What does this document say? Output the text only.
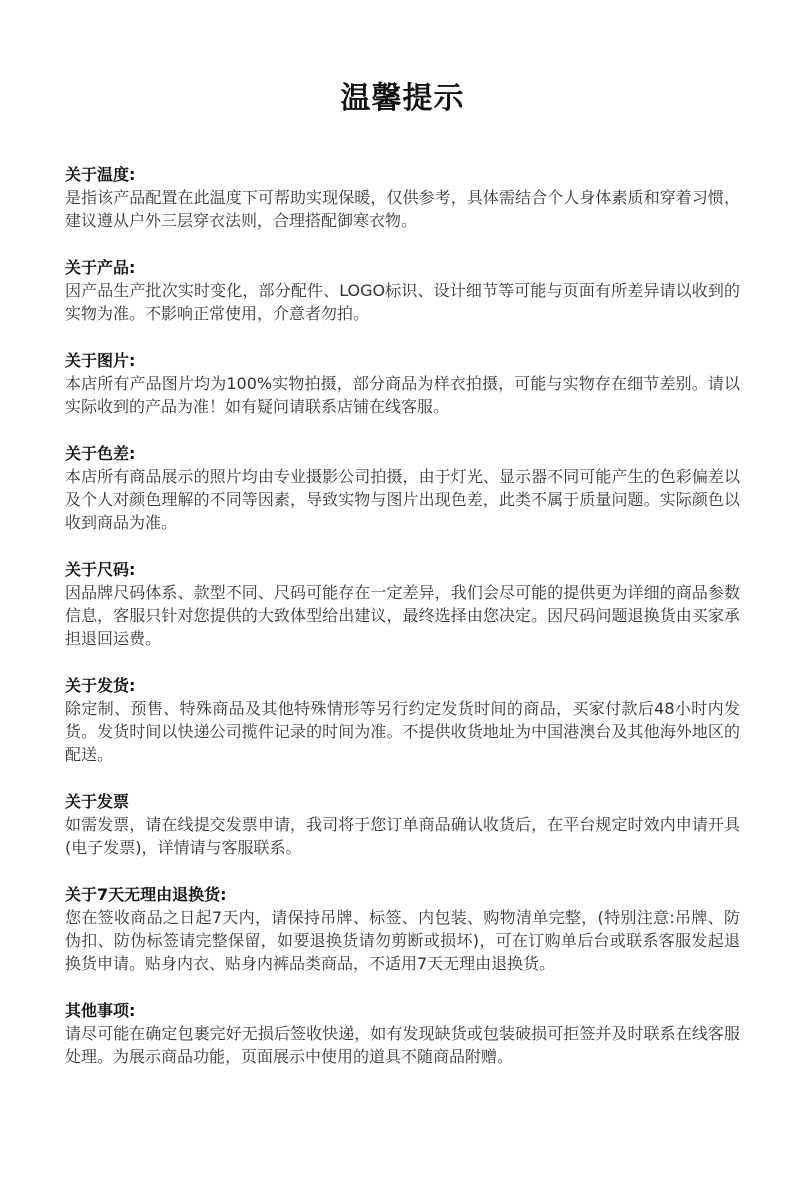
温馨提示

关于温度:

是指该产品配置在此温度下可帮助实现保暖，仅供参考，具体需结合个人身体素质和穿着习惯，建议遵从户外三层穿衣法则，合理搭配御寒衣物。

关于产品:

因产品生产批次实时变化，部分配件、LOGO标识、设计细节等可能与页面有所差异请以收到的实物为准。不影响正常使用，介意者勿拍。

关于图片:

本店所有产品图片均为100%实物拍摄，部分商品为样衣拍摄，可能与实物存在细节差别。请以实际收到的产品为准！如有疑问请联系店铺在线客服。

关于色差:

本店所有商品展示的照片均由专业摄影公司拍摄，由于灯光、显示器不同可能产生的色彩偏差以及个人对颜色理解的不同等因素，导致实物与图片出现色差，此类不属于质量问题。实际颜色以收到商品为准。

关于尺码:

因品牌尺码体系、款型不同、尺码可能存在一定差异，我们会尽可能的提供更为详细的商品参数信息，客服只针对您提供的大致体型给出建议，最终选择由您决定。因尺码问题退换货由买家承担退回运费。

关于发货:

除定制、预售、特殊商品及其他特殊情形等另行约定发货时间的商品，买家付款后48小时内发货。发货时间以快递公司揽件记录的时间为准。不提供收货地址为中国港澳台及其他海外地区的配送。

关于发票

如需发票，请在线提交发票申请，我司将于您订单商品确认收货后，在平台规定时效内申请开具(电子发票)，详情请与客服联系。

关于7天无理由退换货:

您在签收商品之日起7天内，请保持吊牌、标签、内包装、购物清单完整，(特别注意:吊牌、防伪扣、防伪标签请完整保留，如要退换货请勿剪断或损坏)，可在订购单后台或联系客服发起退换货申请。贴身内衣、贴身内裤品类商品，不适用7天无理由退换货。

其他事项:

请尽可能在确定包裹完好无损后签收快递，如有发现缺货或包装破损可拒签并及时联系在线客服处理。为展示商品功能，页面展示中使用的道具不随商品附赠。
